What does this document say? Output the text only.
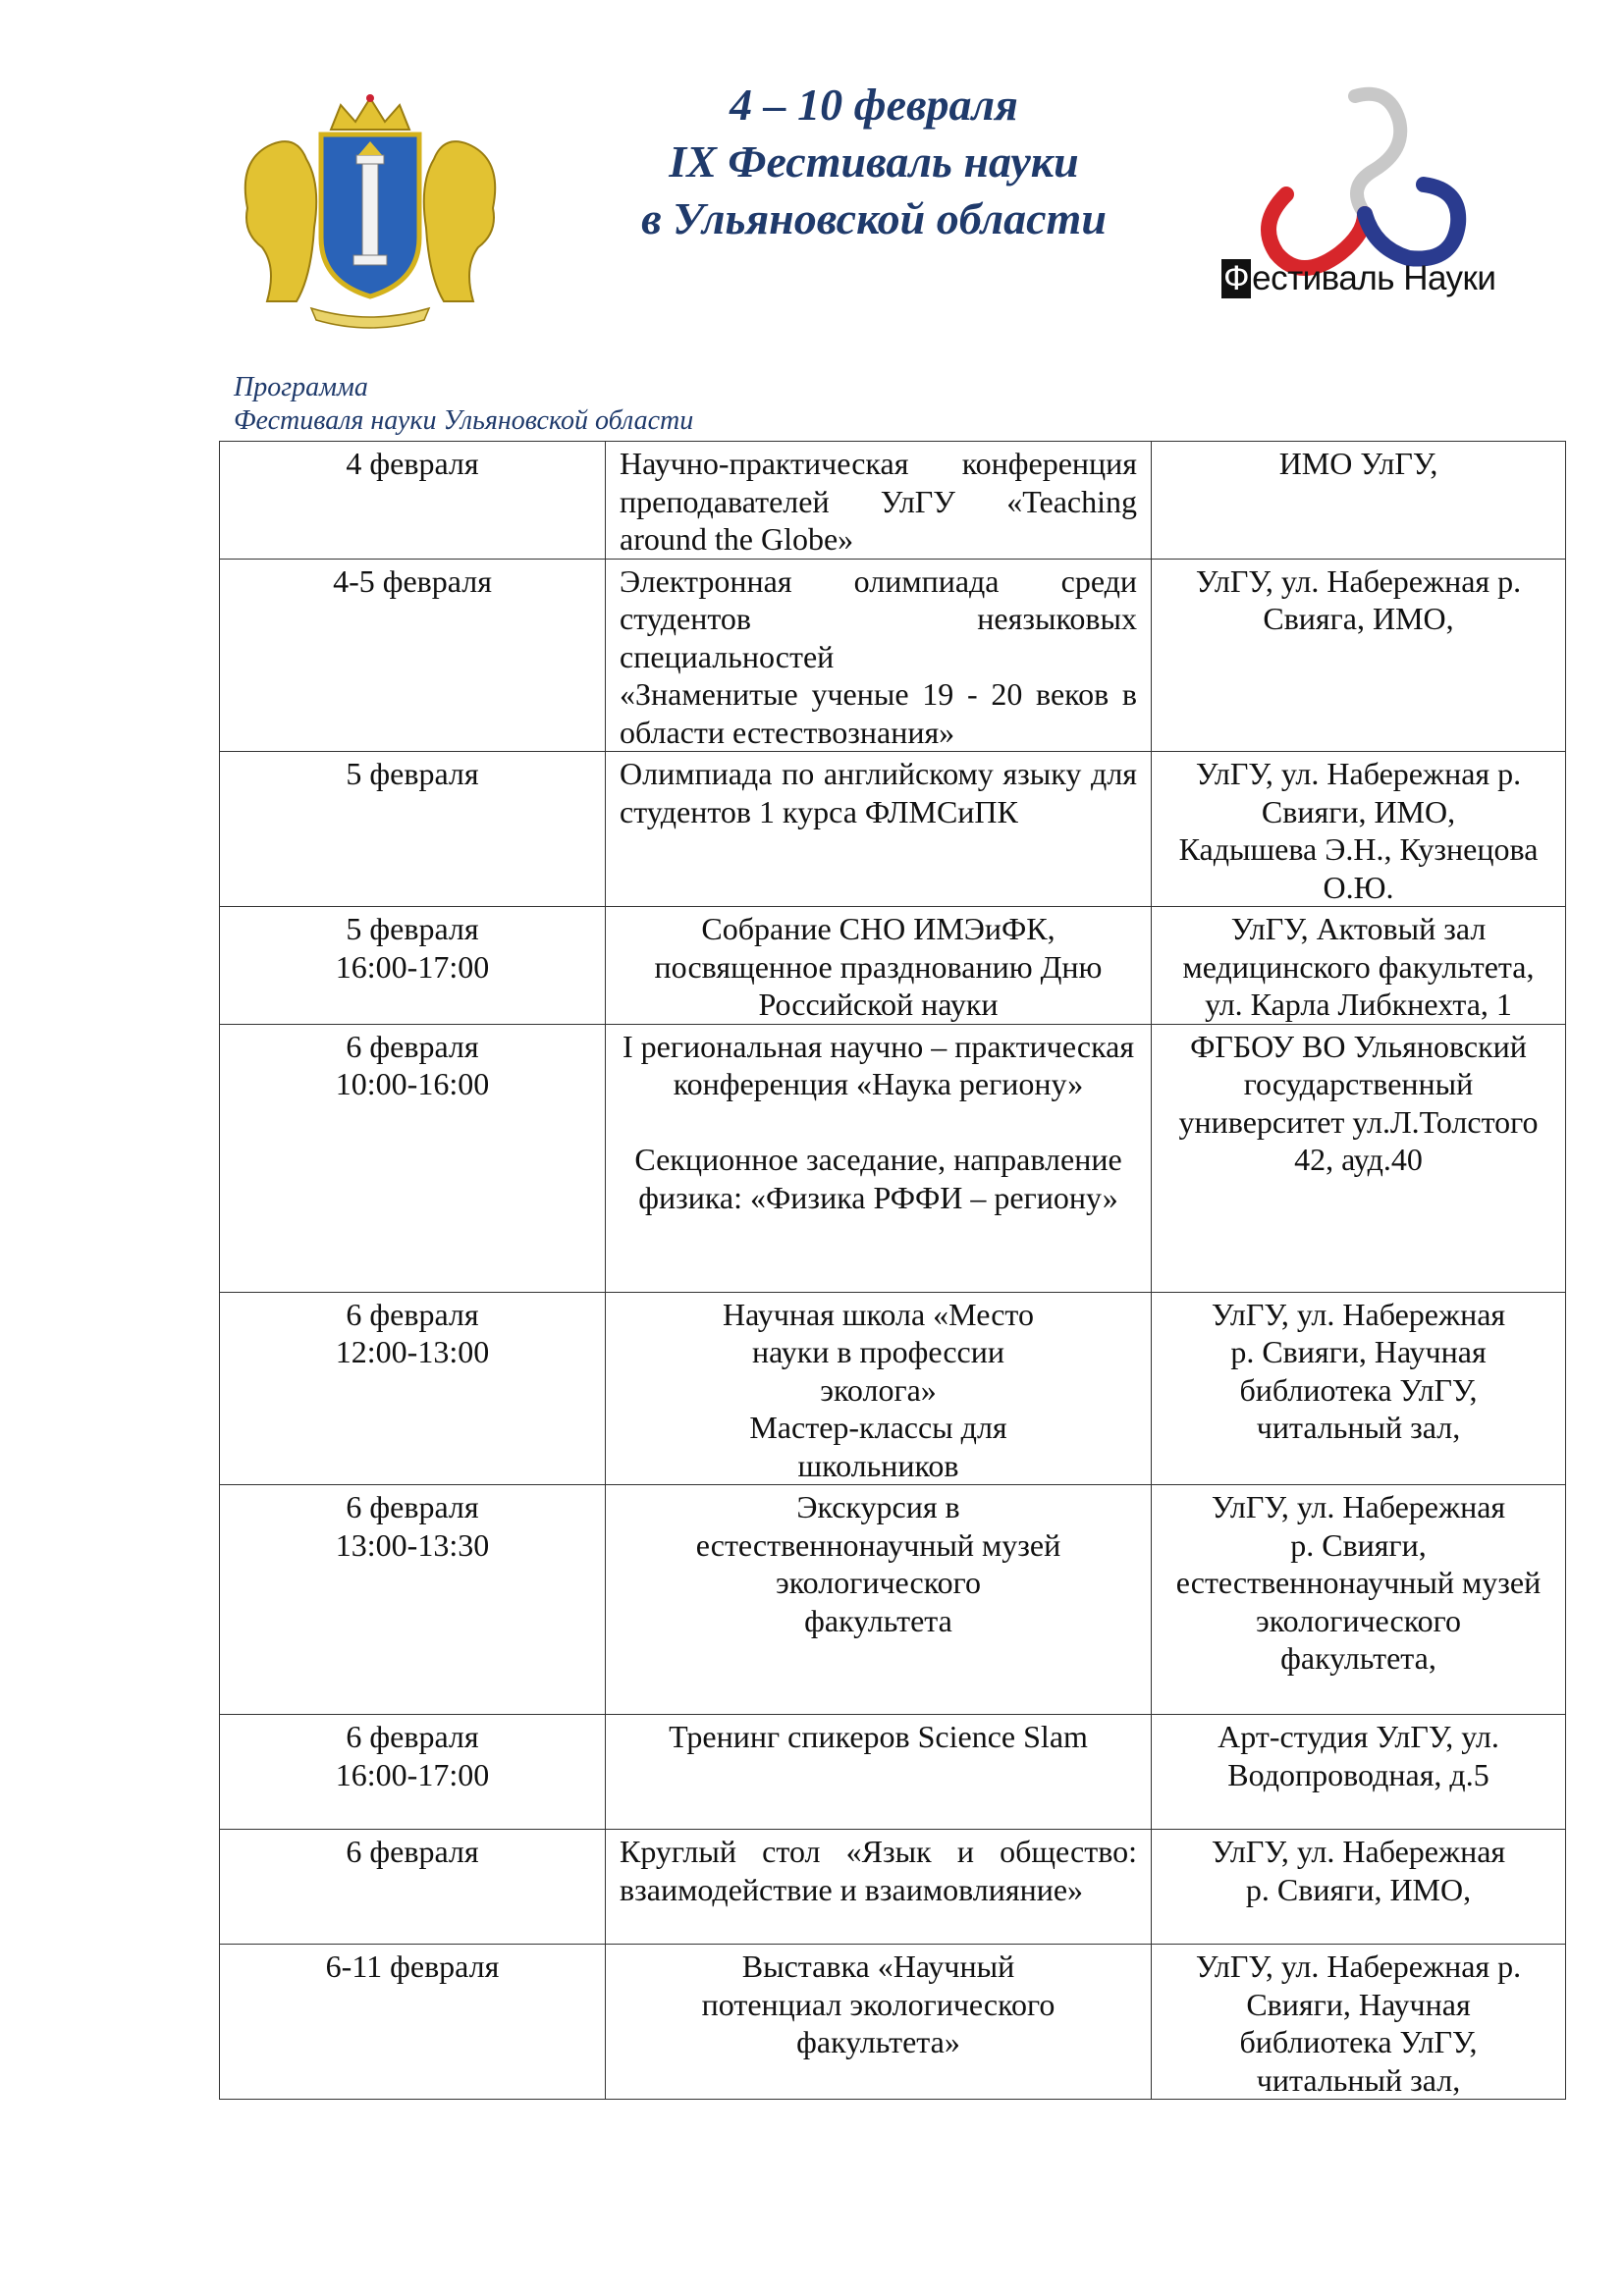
4 – 10 февраля
IX Фестиваль науки
в Ульяновской области
Фестиваль Науки
Программа
Фестиваля науки Ульяновской области
4 февраля	Научно-практическая конференция преподавателей УлГУ «Teaching around the Globe»	ИМО УлГУ,

4-5 февраля	Электронная олимпиада среди студентов неязыковых специальностей
«Знаменитые ученые 19 - 20 веков в области естествознания»	УлГУ, ул. Набережная р. Свияга, ИМО,

5 февраля	Олимпиада по английскому языку для студентов 1 курса ФЛМСиПК	УлГУ, ул. Набережная р. Свияги, ИМО,
Кадышева Э.Н., Кузнецова О.Ю.

5 февраля
16:00-17:00	Собрание СНО ИМЭиФК, посвященное празднованию Дню Российской науки	УлГУ, Актовый зал медицинского факультета, ул. Карла Либкнехта, 1

6 февраля
10:00-16:00	I региональная научно – практическая конференция «Наука региону»

Секционное заседание, направление физика: «Физика РФФИ – региону»	ФГБОУ ВО Ульяновский государственный университет ул.Л.Толстого 42, ауд.40

6 февраля
12:00-13:00	Научная школа «Место
науки в профессии
эколога»
Мастер-классы для
школьников	УлГУ, ул. Набережная
р. Свияги, Научная
библиотека УлГУ,
читальный зал,

6 февраля
13:00-13:30	Экскурсия в
естественнонаучный музей
экологического
факультета	УлГУ, ул. Набережная
р. Свияги,
естественнонаучный музей
экологического
факультета,

6 февраля
16:00-17:00	Тренинг спикеров Science Slam	Арт-студия УлГУ, ул. Водопроводная, д.5

6 февраля	Круглый стол «Язык и общество: взаимодействие и взаимовлияние»	УлГУ, ул. Набережная
р. Свияги, ИМО,

6-11 февраля	Выставка «Научный
потенциал экологического
факультета»	УлГУ, ул. Набережная р. Свияги, Научная
библиотека УлГУ,
читальный зал,
